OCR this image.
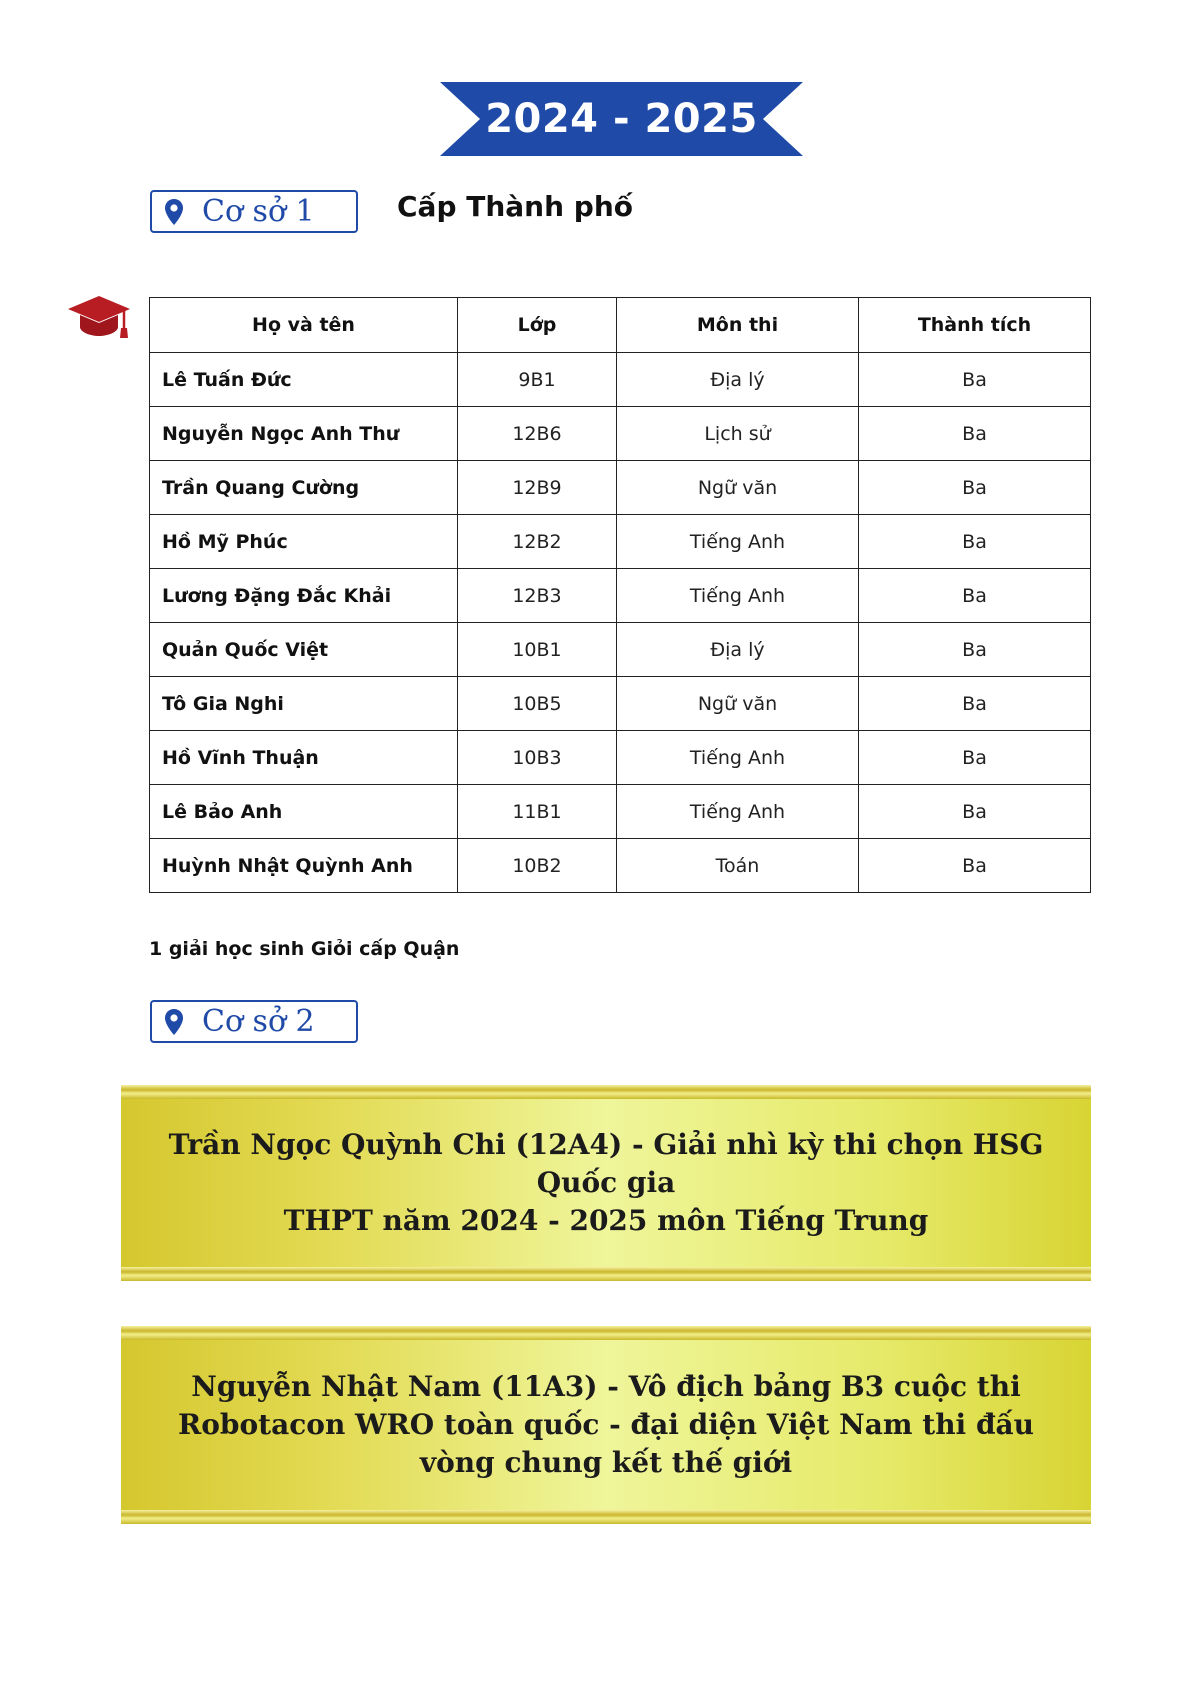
2024 - 2025
Cơ sở 1	Cấp Thành phố
Họ và tên	Lớp	Môn thi	Thành tích
Lê Tuấn Đức	9B1	Địa lý	Ba
Nguyễn Ngọc Anh Thư	12B6	Lịch sử	Ba
Trần Quang Cường	12B9	Ngữ văn	Ba
Hồ Mỹ Phúc	12B2	Tiếng Anh	Ba
Lương Đặng Đắc Khải	12B3	Tiếng Anh	Ba
Quản Quốc Việt	10B1	Địa lý	Ba
Tô Gia Nghi	10B5	Ngữ văn	Ba
Hồ Vĩnh Thuận	10B3	Tiếng Anh	Ba
Lê Bảo Anh	11B1	Tiếng Anh	Ba
Huỳnh Nhật Quỳnh Anh	10B2	Toán	Ba
1 giải học sinh Giỏi cấp Quận
Cơ sở 2
Trần Ngọc Quỳnh Chi (12A4) - Giải nhì kỳ thi chọn HSG Quốc gia
THPT năm 2024 - 2025 môn Tiếng Trung
Nguyễn Nhật Nam (11A3) - Vô địch bảng B3 cuộc thi
Robotacon WRO toàn quốc - đại diện Việt Nam thi đấu
vòng chung kết thế giới
